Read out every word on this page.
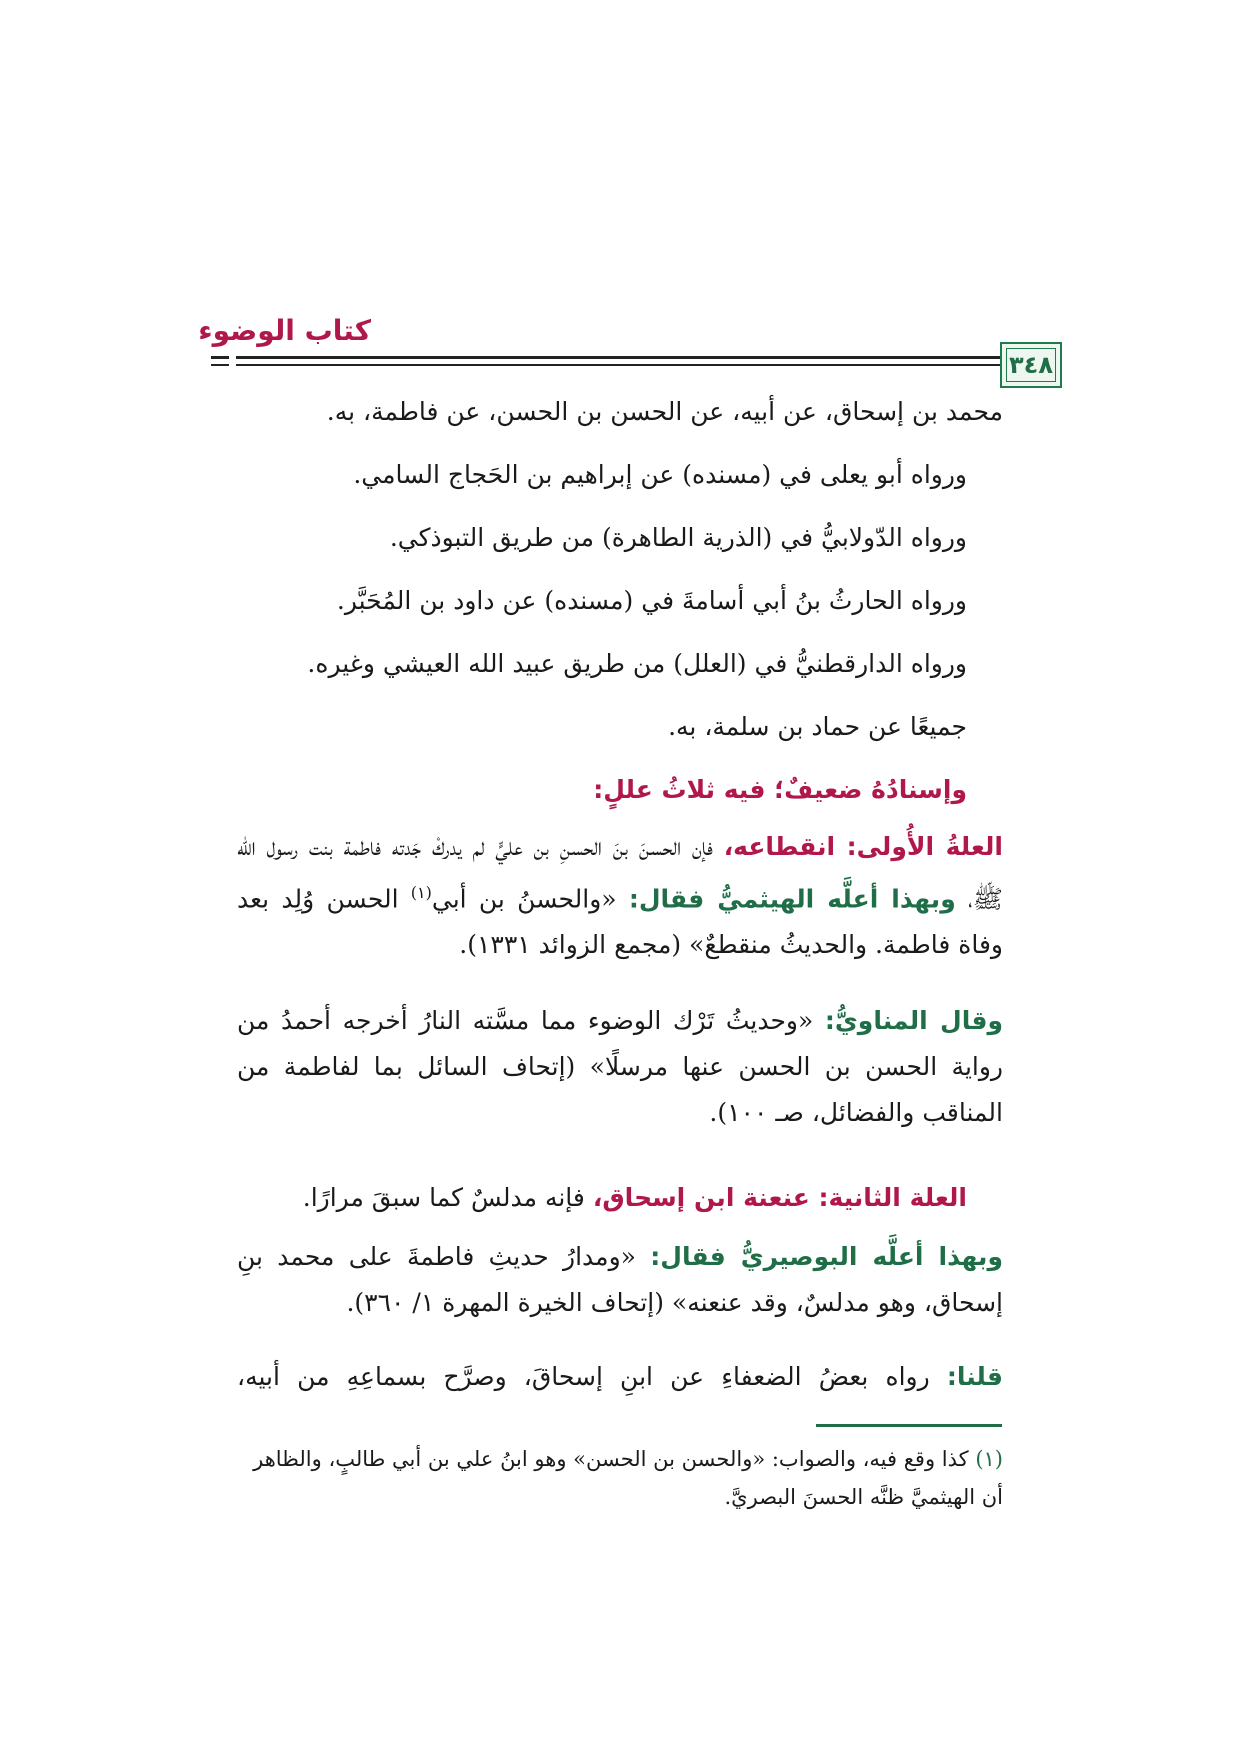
كتاب الوضوء
٣٤٨
محمد بن إسحاق، عن أبيه، عن الحسن بن الحسن، عن فاطمة، به.
ورواه أبو يعلى في (مسنده) عن إبراهيم بن الحَجاج السامي.
ورواه الدّولابيُّ في (الذرية الطاهرة) من طريق التبوذكي.
ورواه الحارثُ بنُ أبي أسامةَ في (مسنده) عن داود بن المُحَبَّر.
ورواه الدارقطنيُّ في (العلل) من طريق عبيد الله العيشي وغيره.
جميعًا عن حماد بن سلمة، به.
وإسنادُهُ ضعيفٌ؛ فيه ثلاثُ عللٍ:
العلةُ الأُولى: انقطاعه، فإن الحسنَ بنَ الحسنِ بن عليٍّ لم يدركْ جَدته فاطمة بنت رسول الله ﷺ، وبهذا أعلَّه الهيثميُّ فقال: «والحسنُ بن أبي$^{(١)}$ الحسن وُلِد بعد وفاة فاطمة. والحديثُ منقطعٌ» (مجمع الزوائد ١٣٣١).
وقال المناويُّ: «وحديثُ تَرْك الوضوء مما مسَّته النارُ أخرجه أحمدُ من رواية الحسن بن الحسن عنها مرسلًا» (إتحاف السائل بما لفاطمة من المناقب والفضائل، صـ ١٠٠).
العلة الثانية: عنعنة ابن إسحاق، فإنه مدلسٌ كما سبقَ مرارًا.
وبهذا أعلَّه البوصيريُّ فقال: «ومدارُ حديثِ فاطمةَ على محمد بنِ إسحاق، وهو مدلسٌ، وقد عنعنه» (إتحاف الخيرة المهرة ١/ ٣٦٠).
قلنا: رواه بعضُ الضعفاءِ عن ابنِ إسحاقَ، وصرَّح بسماعِهِ من أبيه،
(١) كذا وقع فيه، والصواب: «والحسن بن الحسن» وهو ابنُ علي بن أبي طالبٍ، والظاهر أن الهيثميَّ ظنَّه الحسنَ البصريَّ.
